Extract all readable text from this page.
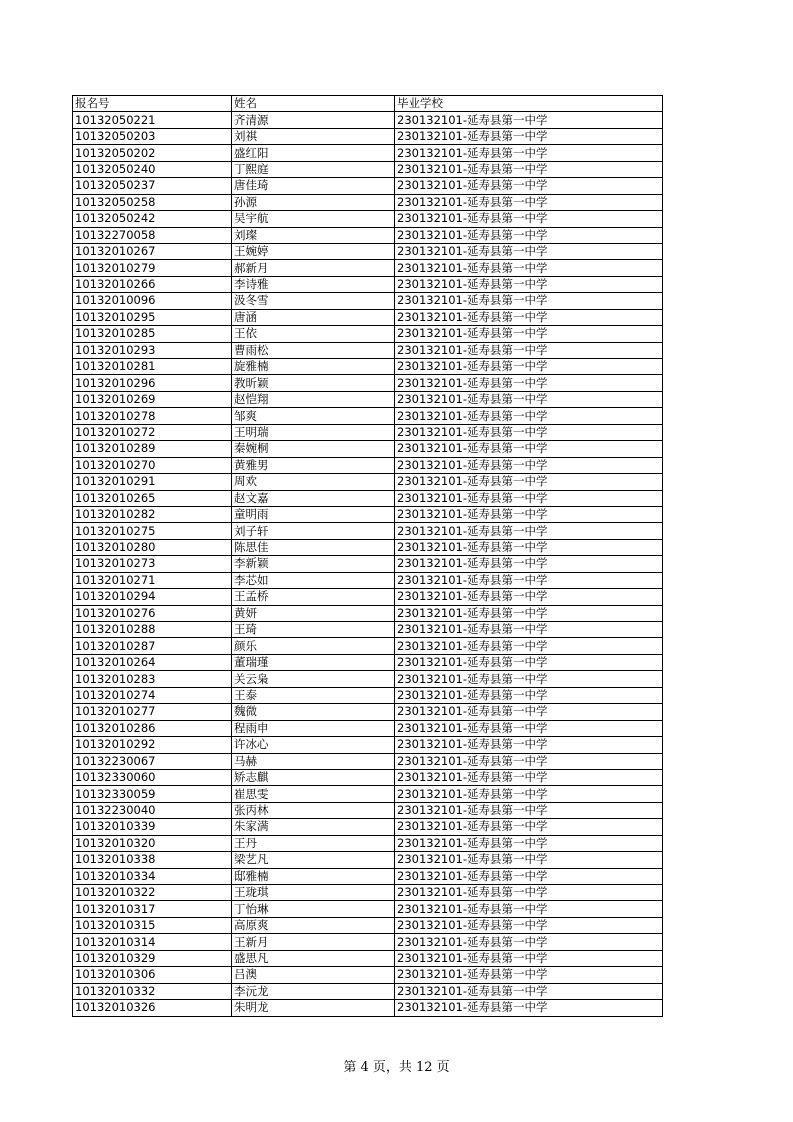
报名号	姓名	毕业学校
10132050221	齐清源	230132101-延寿县第一中学
10132050203	刘祺	230132101-延寿县第一中学
10132050202	盛红阳	230132101-延寿县第一中学
10132050240	丁熙庭	230132101-延寿县第一中学
10132050237	唐佳琦	230132101-延寿县第一中学
10132050258	孙源	230132101-延寿县第一中学
10132050242	吴宇航	230132101-延寿县第一中学
10132270058	刘璨	230132101-延寿县第一中学
10132010267	王婉婷	230132101-延寿县第一中学
10132010279	郝新月	230132101-延寿县第一中学
10132010266	李诗雅	230132101-延寿县第一中学
10132010096	汲冬雪	230132101-延寿县第一中学
10132010295	唐涵	230132101-延寿县第一中学
10132010285	王依	230132101-延寿县第一中学
10132010293	曹雨松	230132101-延寿县第一中学
10132010281	旋雅楠	230132101-延寿县第一中学
10132010296	教昕颖	230132101-延寿县第一中学
10132010269	赵恺翔	230132101-延寿县第一中学
10132010278	邹爽	230132101-延寿县第一中学
10132010272	王明瑞	230132101-延寿县第一中学
10132010289	秦婉桐	230132101-延寿县第一中学
10132010270	黄雅男	230132101-延寿县第一中学
10132010291	周欢	230132101-延寿县第一中学
10132010265	赵文嘉	230132101-延寿县第一中学
10132010282	童明雨	230132101-延寿县第一中学
10132010275	刘子轩	230132101-延寿县第一中学
10132010280	陈思佳	230132101-延寿县第一中学
10132010273	李新颖	230132101-延寿县第一中学
10132010271	李芯如	230132101-延寿县第一中学
10132010294	王孟桥	230132101-延寿县第一中学
10132010276	黄妍	230132101-延寿县第一中学
10132010288	王琦	230132101-延寿县第一中学
10132010287	颜乐	230132101-延寿县第一中学
10132010264	董瑞瑾	230132101-延寿县第一中学
10132010283	关云枭	230132101-延寿县第一中学
10132010274	王泰	230132101-延寿县第一中学
10132010277	魏微	230132101-延寿县第一中学
10132010286	程雨申	230132101-延寿县第一中学
10132010292	许冰心	230132101-延寿县第一中学
10132230067	马赫	230132101-延寿县第一中学
10132330060	矫志麒	230132101-延寿县第一中学
10132330059	崔思雯	230132101-延寿县第一中学
10132230040	张丙林	230132101-延寿县第一中学
10132010339	朱家满	230132101-延寿县第一中学
10132010320	王丹	230132101-延寿县第一中学
10132010338	梁艺凡	230132101-延寿县第一中学
10132010334	邸雅楠	230132101-延寿县第一中学
10132010322	王珑琪	230132101-延寿县第一中学
10132010317	丁怡琳	230132101-延寿县第一中学
10132010315	高原爽	230132101-延寿县第一中学
10132010314	王新月	230132101-延寿县第一中学
10132010329	盛思凡	230132101-延寿县第一中学
10132010306	吕澳	230132101-延寿县第一中学
10132010332	李沅龙	230132101-延寿县第一中学
10132010326	朱明龙	230132101-延寿县第一中学
第 4 页，共 12 页
